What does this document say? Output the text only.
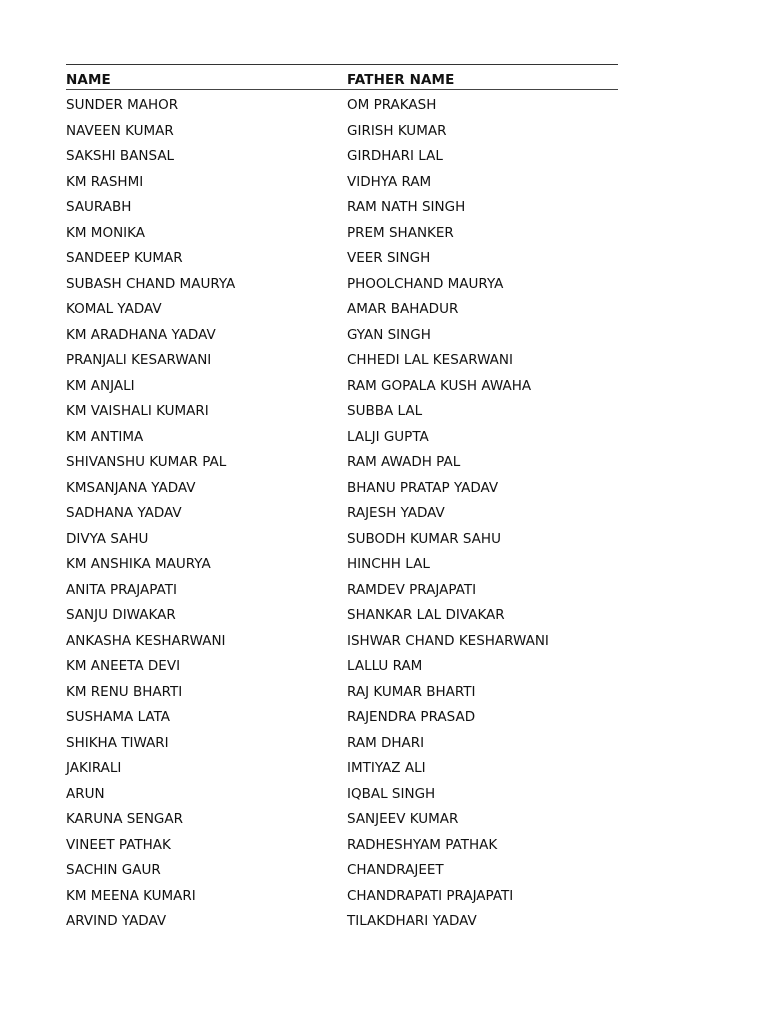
NAME	FATHER NAME
SUNDER MAHOR	OM PRAKASH
NAVEEN KUMAR	GIRISH KUMAR
SAKSHI BANSAL	GIRDHARI LAL
KM RASHMI	VIDHYA RAM
SAURABH	RAM NATH SINGH
KM MONIKA	PREM SHANKER
SANDEEP KUMAR	VEER SINGH
SUBASH CHAND MAURYA	PHOOLCHAND MAURYA
KOMAL YADAV	AMAR BAHADUR
KM ARADHANA YADAV	GYAN SINGH
PRANJALI KESARWANI	CHHEDI LAL KESARWANI
KM ANJALI	RAM GOPALA KUSH AWAHA
KM VAISHALI KUMARI	SUBBA LAL
KM ANTIMA	LALJI GUPTA
SHIVANSHU KUMAR PAL	RAM AWADH PAL
KMSANJANA YADAV	BHANU PRATAP YADAV
SADHANA YADAV	RAJESH YADAV
DIVYA SAHU	SUBODH KUMAR SAHU
KM ANSHIKA MAURYA	HINCHH LAL
ANITA PRAJAPATI	RAMDEV PRAJAPATI
SANJU DIWAKAR	SHANKAR LAL DIVAKAR
ANKASHA KESHARWANI	ISHWAR CHAND KESHARWANI
KM ANEETA DEVI	LALLU RAM
KM RENU BHARTI	RAJ KUMAR BHARTI
SUSHAMA LATA	RAJENDRA PRASAD
SHIKHA TIWARI	RAM DHARI
JAKIRALI	IMTIYAZ ALI
ARUN	IQBAL SINGH
KARUNA SENGAR	SANJEEV KUMAR
VINEET PATHAK	RADHESHYAM PATHAK
SACHIN GAUR	CHANDRAJEET
KM MEENA KUMARI	CHANDRAPATI PRAJAPATI
ARVIND YADAV	TILAKDHARI YADAV
